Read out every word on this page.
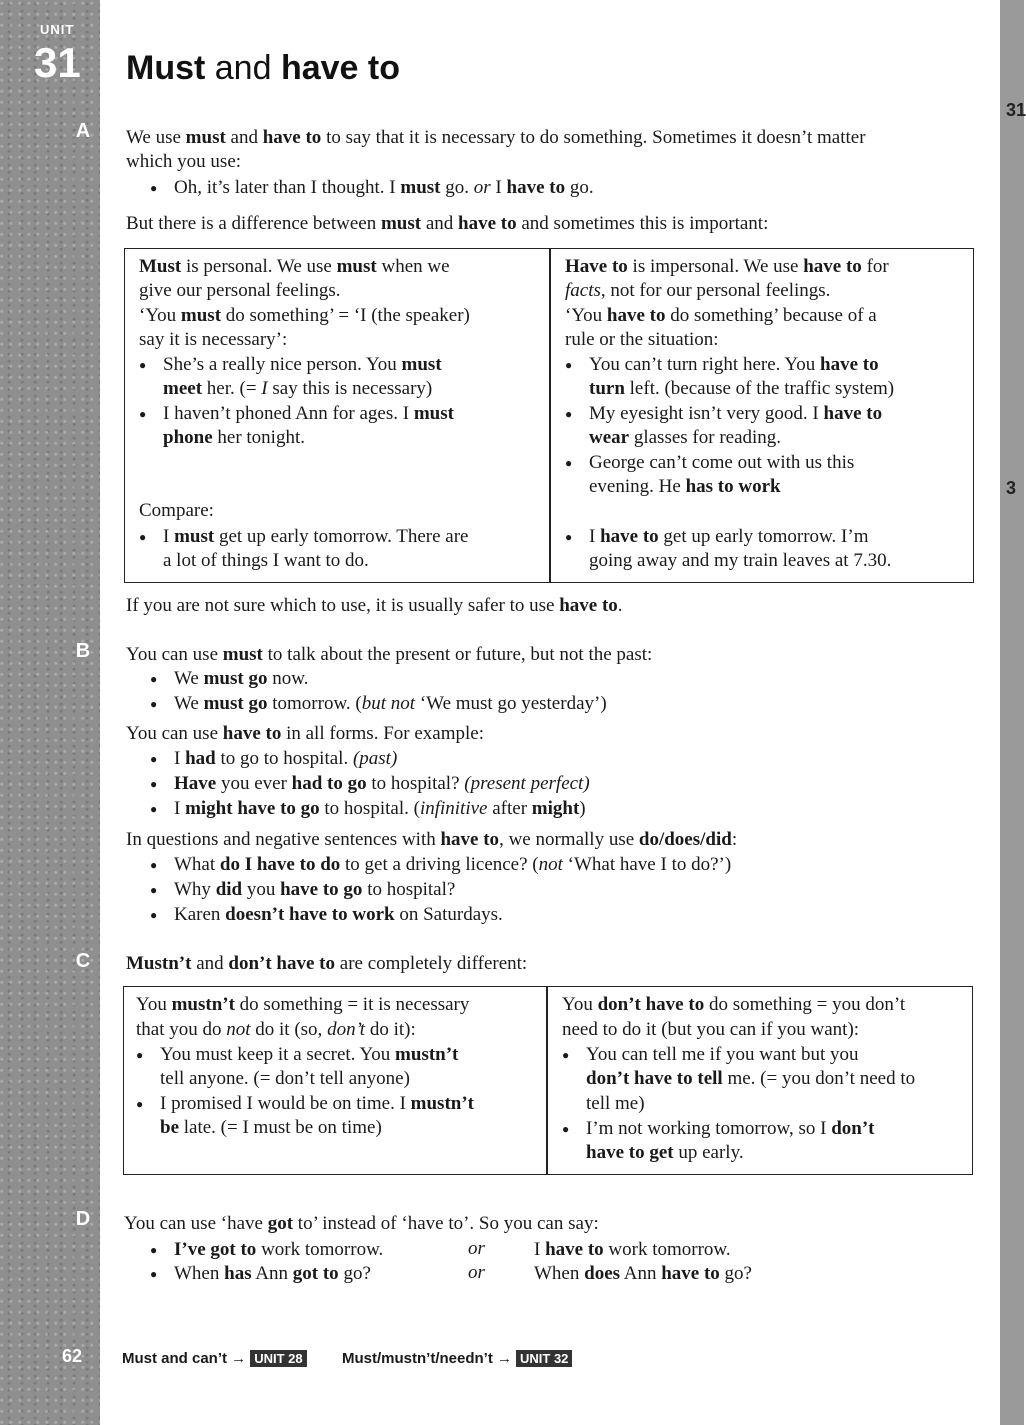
31
3
UNIT
31
A
B
C
D
Must and have to
We use must and have to to say that it is necessary to do something. Sometimes it doesn’t matter
which you use:
● Oh, it’s later than I thought. I must go. or I have to go.
But there is a difference between must and have to and sometimes this is important:
Must is personal. We use must when we
give our personal feelings.
‘You must do something’ = ‘I (the speaker)
say it is necessary’:
● She’s a really nice person. You must
meet her. (= I say this is necessary)
● I haven’t phoned Ann for ages. I must
phone her tonight.
Compare:
● I must get up early tomorrow. There are
a lot of things I want to do.
Have to is impersonal. We use have to for
facts, not for our personal feelings.
‘You have to do something’ because of a
rule or the situation:
● You can’t turn right here. You have to
turn left. (because of the traffic system)
● My eyesight isn’t very good. I have to
wear glasses for reading.
● George can’t come out with us this
evening. He has to work
● I have to get up early tomorrow. I’m
going away and my train leaves at 7.30.
If you are not sure which to use, it is usually safer to use have to.
You can use must to talk about the present or future, but not the past:
● We must go now.
● We must go tomorrow. (but not ‘We must go yesterday’)
You can use have to in all forms. For example:
● I had to go to hospital. (past)
● Have you ever had to go to hospital? (present perfect)
● I might have to go to hospital. (infinitive after might)
In questions and negative sentences with have to, we normally use do/does/did:
● What do I have to do to get a driving licence? (not ‘What have I to do?’)
● Why did you have to go to hospital?
● Karen doesn’t have to work on Saturdays.
Mustn’t and don’t have to are completely different:
You mustn’t do something = it is necessary
that you do not do it (so, don’t do it):
● You must keep it a secret. You mustn’t
tell anyone. (= don’t tell anyone)
● I promised I would be on time. I mustn’t
be late. (= I must be on time)
You don’t have to do something = you don’t
need to do it (but you can if you want):
● You can tell me if you want but you
don’t have to tell me. (= you don’t need to
tell me)
● I’m not working tomorrow, so I don’t
have to get up early.
You can use ‘have got to’ instead of ‘have to’. So you can say:
● I’ve got to work tomorrow.	or	I have to work tomorrow.
● When has Ann got to go?	or	When does Ann have to go?
62	Must and can’t → UNIT 28	Must/mustn’t/needn’t → UNIT 32
